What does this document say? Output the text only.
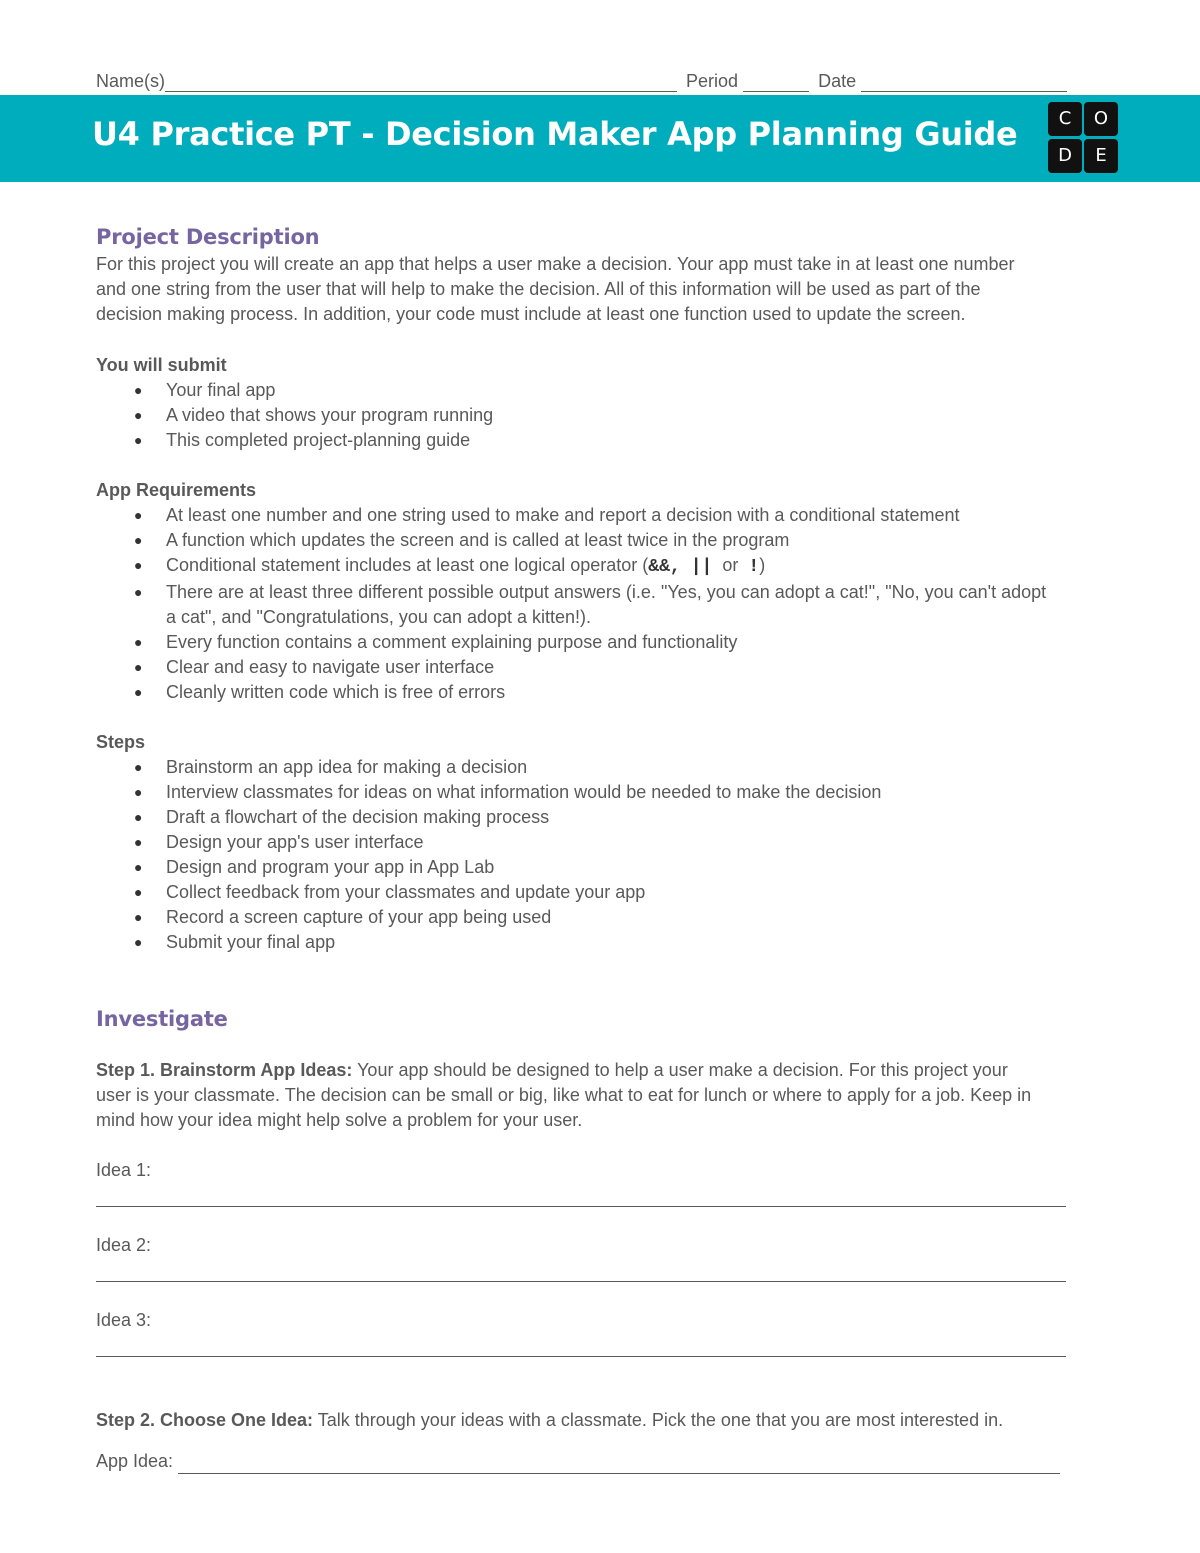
Name(s)	Period	Date
U4 Practice PT - Decision Maker App Planning Guide	C	O
D	E
Project Description

For this project you will create an app that helps a user make a decision. Your app must take in at least one number

and one string from the user that will help to make the decision. All of this information will be used as part of the

decision making process. In addition, your code must include at least one function used to update the screen.

You will submit
● Your final app
● A video that shows your program running
● This completed project-planning guide
App Requirements
● At least one number and one string used to make and report a decision with a conditional statement
● A function which updates the screen and is called at least twice in the program
● Conditional statement includes at least one logical operator (&&, || or !)
● There are at least three different possible output answers (i.e. "Yes, you can adopt a cat!", "No, you can't adopt
a cat", and "Congratulations, you can adopt a kitten!).
● Every function contains a comment explaining purpose and functionality
● Clear and easy to navigate user interface
● Cleanly written code which is free of errors
Steps
● Brainstorm an app idea for making a decision
● Interview classmates for ideas on what information would be needed to make the decision
● Draft a flowchart of the decision making process
● Design your app's user interface
● Design and program your app in App Lab
● Collect feedback from your classmates and update your app
● Record a screen capture of your app being used
● Submit your final app
Investigate

Step 1. Brainstorm App Ideas: Your app should be designed to help a user make a decision. For this project your

user is your classmate. The decision can be small or big, like what to eat for lunch or where to apply for a job. Keep in

mind how your idea might help solve a problem for your user.

Idea 1:
Idea 2:
Idea 3:

Step 2. Choose One Idea: Talk through your ideas with a classmate. Pick the one that you are most interested in.

App Idea:
